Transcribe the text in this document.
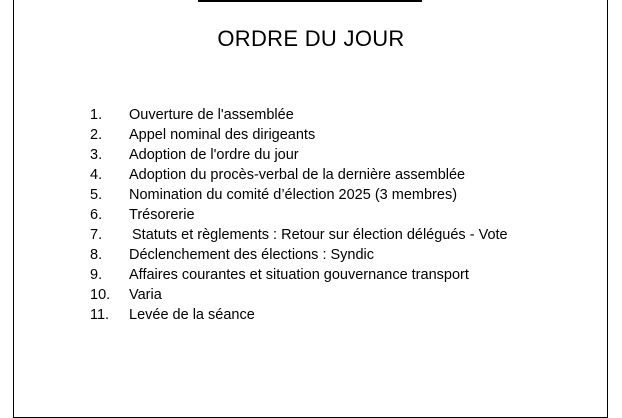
ORDRE DU JOUR
1.	Ouverture de l'assemblée
2.	Appel nominal des dirigeants
3.	Adoption de l'ordre du jour
4.	Adoption du procès-verbal de la dernière assemblée
5.	Nomination du comité d’élection 2025 (3 membres)
6.	Trésorerie
7.	Statuts et règlements : Retour sur élection délégués - Vote
8.	Déclenchement des élections : Syndic
9.	Affaires courantes et situation gouvernance transport
10.	Varia
11.	Levée de la séance
